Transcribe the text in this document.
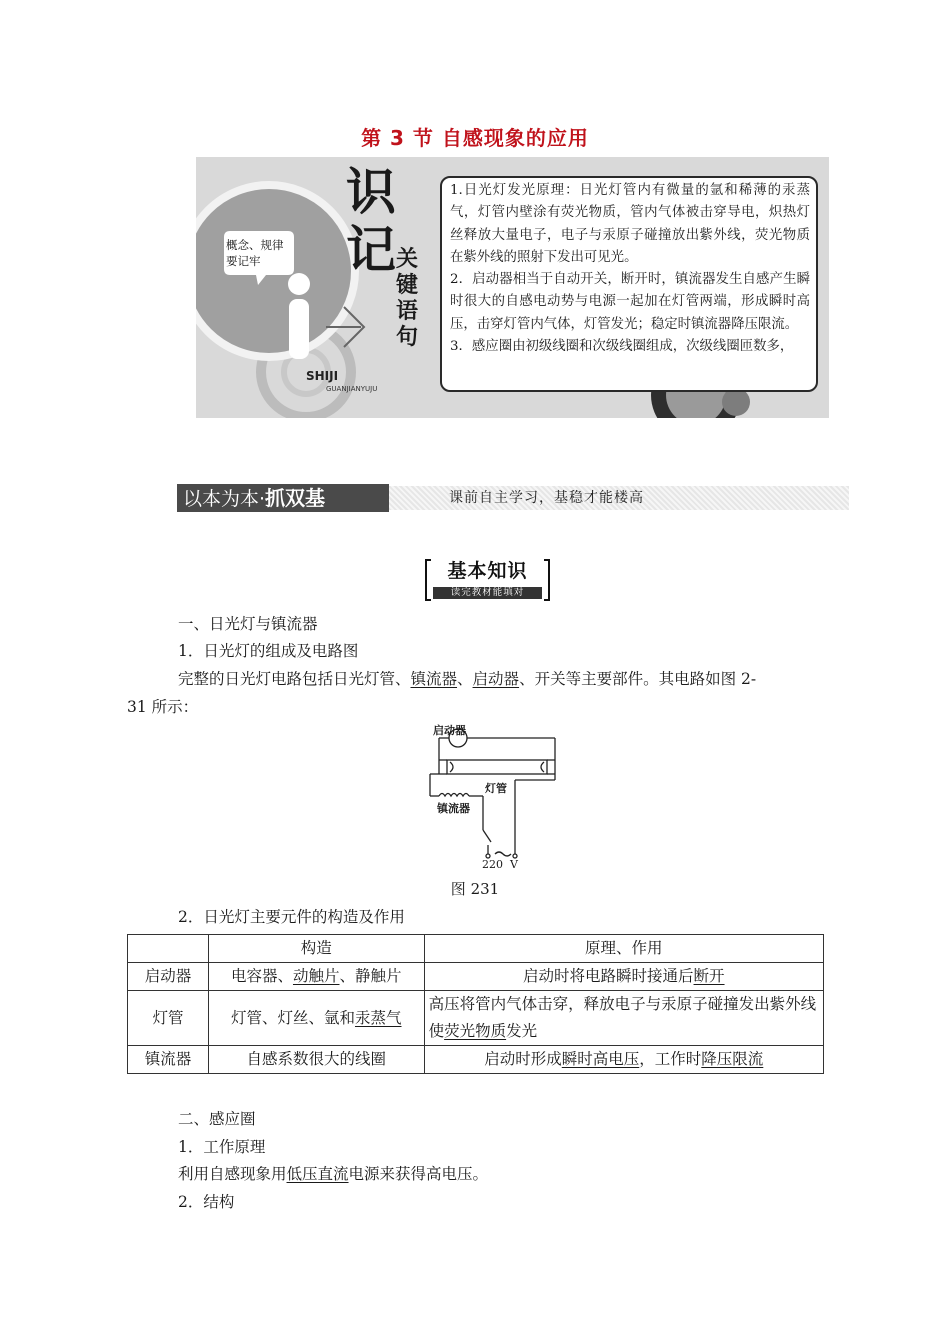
第 3 节 自感现象的应用
概念、规律
要记牢
识
记 关
键
语
句
SHIJI
GUANJIANYUJU

1.日光灯发光原理：日光灯管内有微量的氩和稀薄的汞蒸气，灯管内壁涂有荧光物质，管内气体被击穿导电，炽热灯丝释放大量电子，电子与汞原子碰撞放出紫外线，荧光物质在紫外线的照射下发出可见光。

2．启动器相当于自动开关，断开时，镇流器发生自感产生瞬时很大的自感电动势与电源一起加在灯管两端，形成瞬时高压，击穿灯管内气体，灯管发光；稳定时镇流器降压限流。

3．感应圈由初级线圈和次级线圈组成，次级线圈匝数多，

以本为本·抓双基	课前自主学习，基稳才能楼高
基本知识
读完教材能填对
一、日光灯与镇流器
1．日光灯的组成及电路图
完整的日光灯电路包括日光灯管、镇流器、启动器、开关等主要部件。其电路如图 2-
31 所示：
启动器
灯管
镇流器
220  V
图 231
2．日光灯主要元件的构造及作用
	构造	原理、作用
启动器	电容器、动触片、静触片	启动时将电路瞬时接通后断开
灯管	灯管、灯丝、氩和汞蒸气	高压将管内气体击穿，释放电子与汞原子碰撞发出紫外线使荧光物质发光
镇流器	自感系数很大的线圈	启动时形成瞬时高电压，工作时降压限流
二、感应圈
1．工作原理
利用自感现象用低压直流电源来获得高电压。
2．结构
